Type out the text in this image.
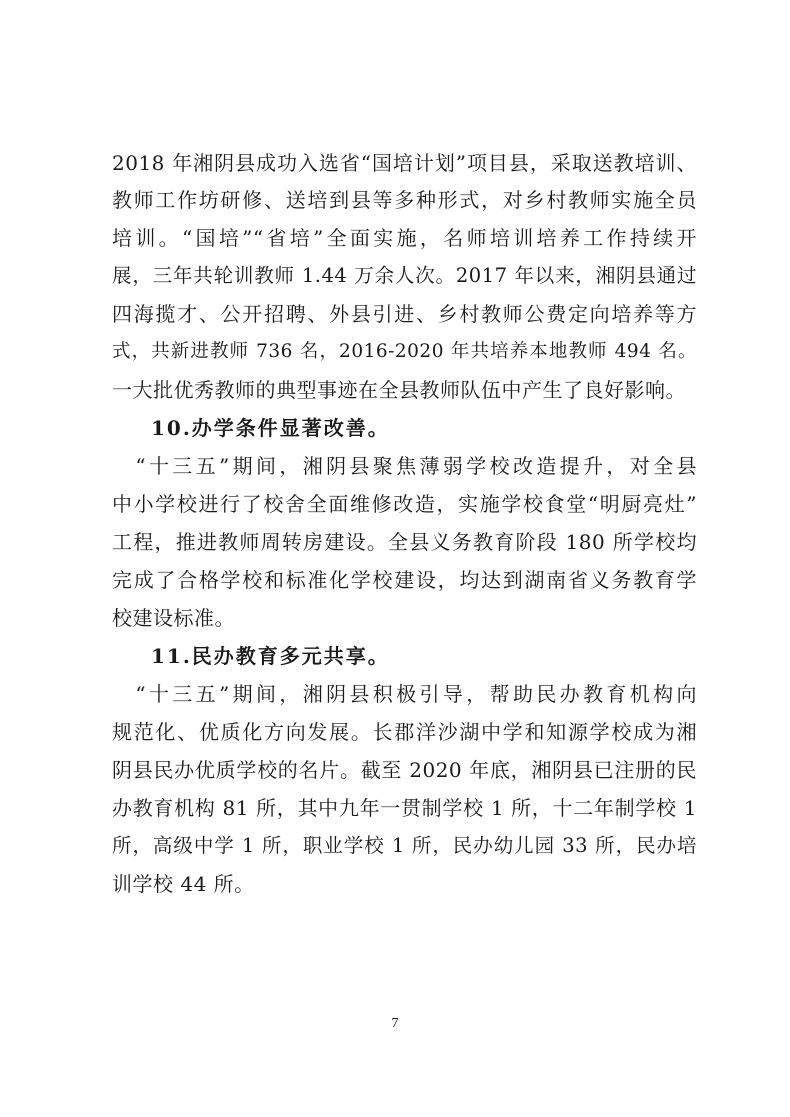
2018 年湘阴县成功入选省“国培计划”项目县，采取送教培训、
教师工作坊研修、送培到县等多种形式，对乡村教师实施全员
培训。“国培”“省培”全面实施，名师培训培养工作持续开
展，三年共轮训教师 1.44 万余人次。2017 年以来，湘阴县通过
四海揽才、公开招聘、外县引进、乡村教师公费定向培养等方
式，共新进教师 736 名，2016-2020 年共培养本地教师 494 名。
一大批优秀教师的典型事迹在全县教师队伍中产生了良好影响。
10.办学条件显著改善。
　“十三五”期间，湘阴县聚焦薄弱学校改造提升，对全县
中小学校进行了校舍全面维修改造，实施学校食堂“明厨亮灶”
工程，推进教师周转房建设。全县义务教育阶段 180 所学校均
完成了合格学校和标准化学校建设，均达到湖南省义务教育学
校建设标准。
11.民办教育多元共享。
　“十三五”期间，湘阴县积极引导，帮助民办教育机构向
规范化、优质化方向发展。长郡洋沙湖中学和知源学校成为湘
阴县民办优质学校的名片。截至 2020 年底，湘阴县已注册的民
办教育机构 81 所，其中九年一贯制学校 1 所，十二年制学校 1
所，高级中学 1 所，职业学校 1 所，民办幼儿园 33 所，民办培
训学校 44 所。
7
